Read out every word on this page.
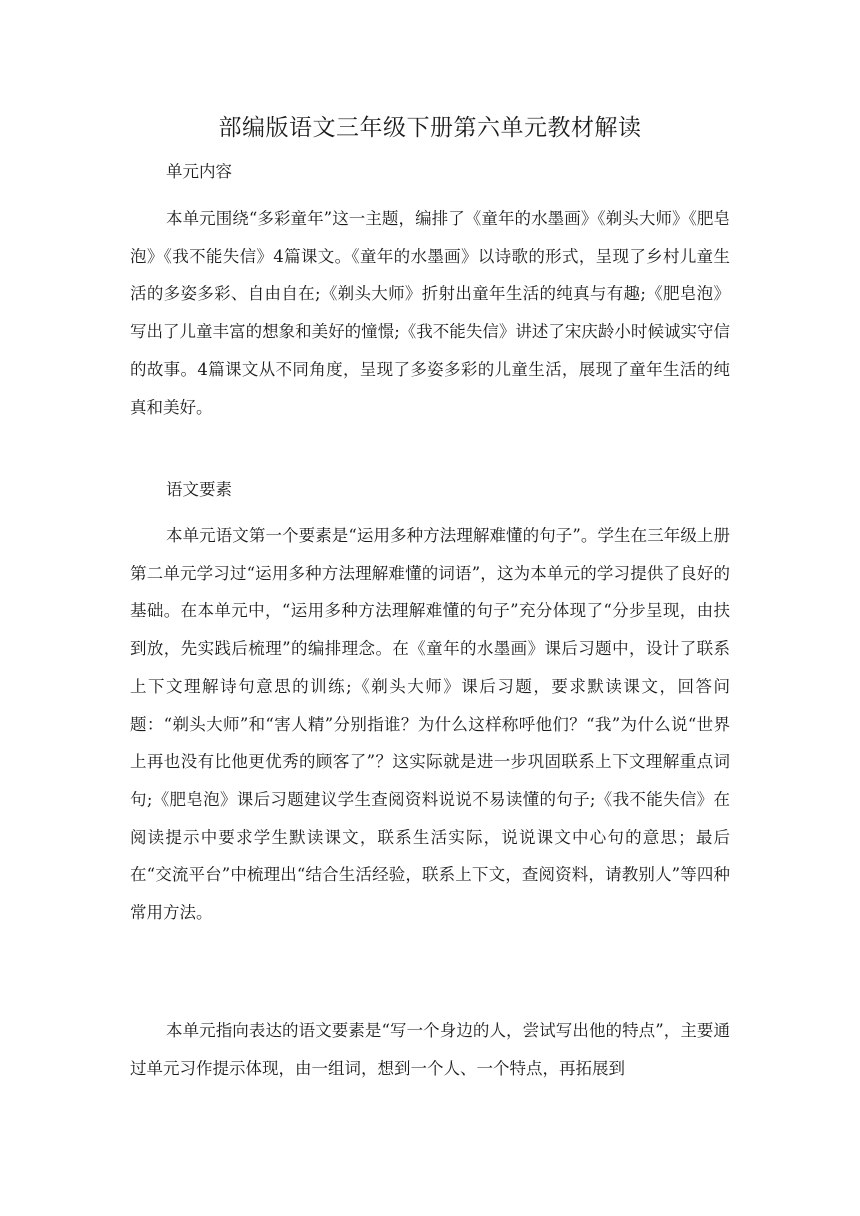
部编版语文三年级下册第六单元教材解读
单元内容

本单元围绕“多彩童年”这一主题，编排了《童年的水墨画》《剃头大师》《肥皂泡》《我不能失信》4篇课文。《童年的水墨画》以诗歌的形式，呈现了乡村儿童生活的多姿多彩、自由自在;《剃头大师》折射出童年生活的纯真与有趣;《肥皂泡》写出了儿童丰富的想象和美好的憧憬;《我不能失信》讲述了宋庆龄小时候诚实守信的故事。4篇课文从不同角度，呈现了多姿多彩的儿童生活，展现了童年生活的纯真和美好。

语文要素

本单元语文第一个要素是“运用多种方法理解难懂的句子”。学生在三年级上册第二单元学习过“运用多种方法理解难懂的词语”，这为本单元的学习提供了良好的基础。在本单元中，“运用多种方法理解难懂的句子”充分体现了“分步呈现，由扶到放，先实践后梳理”的编排理念。在《童年的水墨画》课后习题中，设计了联系上下文理解诗句意思的训练;《剃头大师》课后习题，要求默读课文，回答问题：“剃头大师”和“害人精”分别指谁？为什么这样称呼他们？“我”为什么说“世界上再也没有比他更优秀的顾客了”？这实际就是进一步巩固联系上下文理解重点词句;《肥皂泡》课后习题建议学生查阅资料说说不易读懂的句子;《我不能失信》在阅读提示中要求学生默读课文，联系生活实际，说说课文中心句的意思；最后在“交流平台”中梳理出“结合生活经验，联系上下文，查阅资料，请教别人”等四种常用方法。

本单元指向表达的语文要素是“写一个身边的人，尝试写出他的特点”，主要通过单元习作提示体现，由一组词，想到一个人、一个特点，再拓展到
